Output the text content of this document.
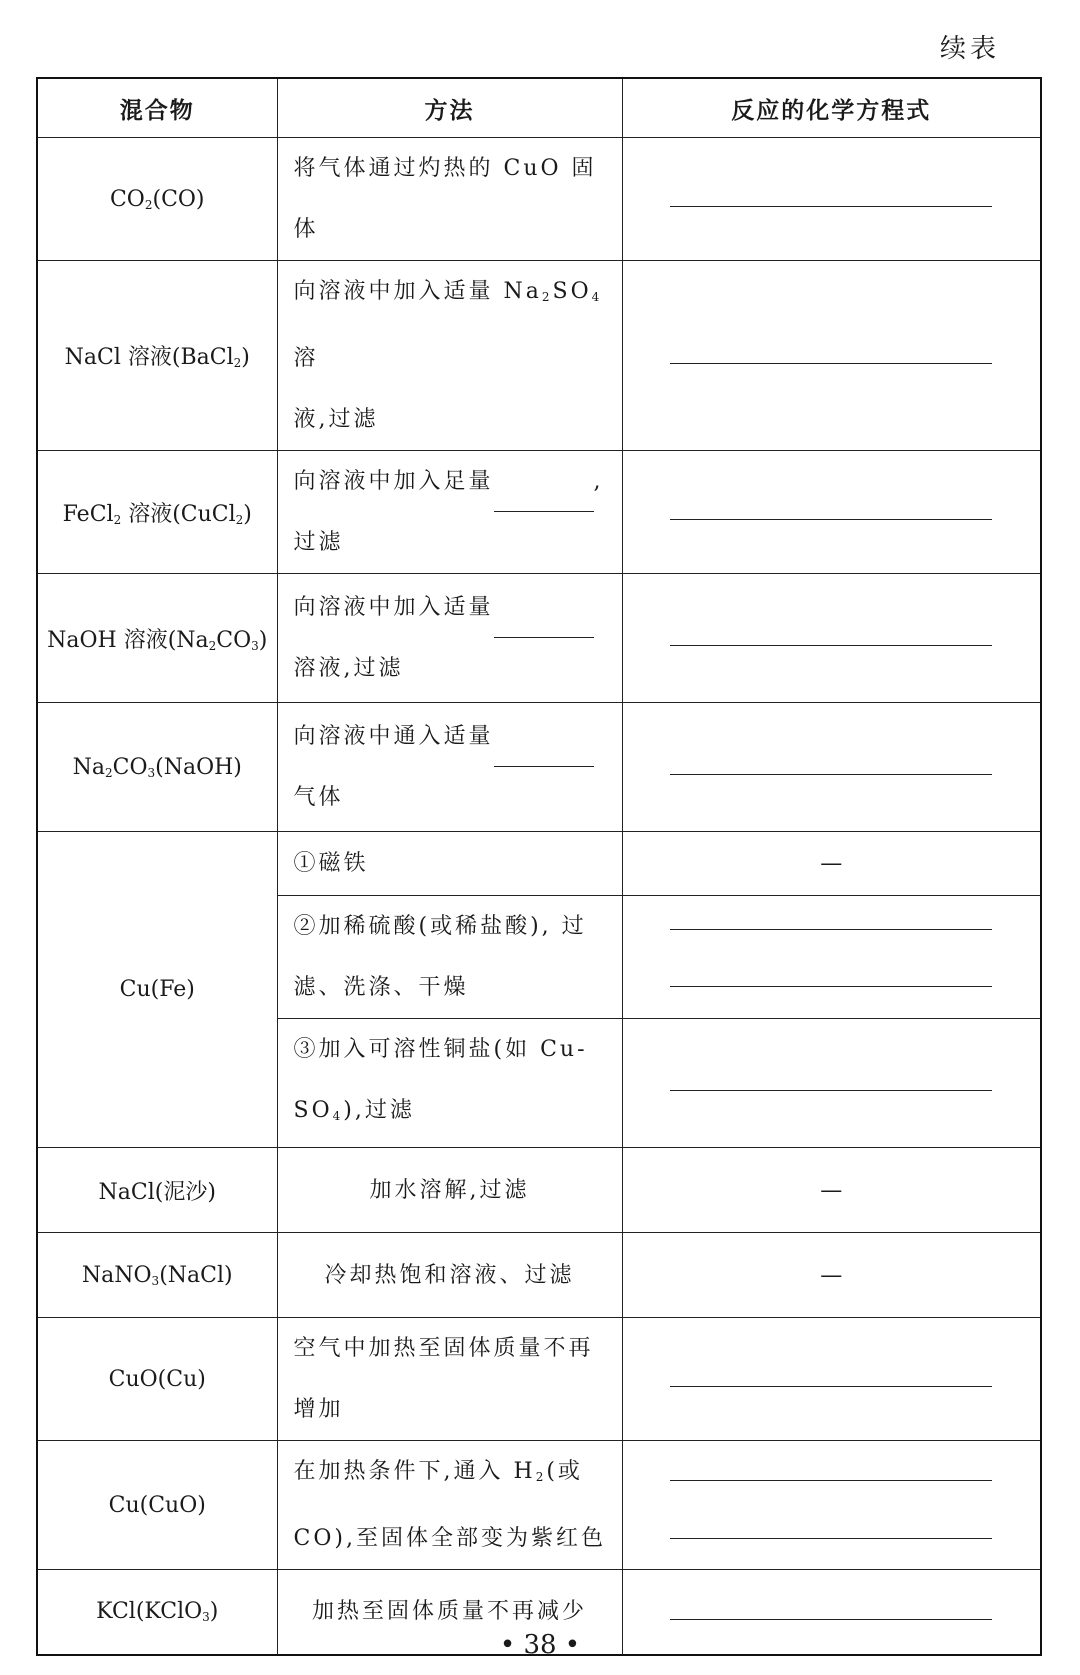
续表
混合物	方法	反应的化学方程式
$CO_2(CO)$	将气体通过灼热的 CuO 固体	

NaCl 溶液(BaCl$_2$)	向溶液中加入适量 $Na_2SO_4$ 溶
液,过滤	

FeCl$_2$ 溶液(CuCl$_2$)	向溶液中加入足量 ,
过滤	

NaOH 溶液$(Na_2CO_3)$	向溶液中加入适量
溶液,过滤	

$Na_2CO_3(NaOH)$	向溶液中通入适量
气体	

Cu(Fe)	①磁铁	—
	②加稀硫酸(或稀盐酸), 过
滤、洗涤、干燥	

	③加入可溶性铜盐(如 Cu-
$SO_4$),过滤	

NaCl(泥沙)	加水溶解,过滤	—
NaNO$_3$(NaCl)	冷却热饱和溶液、过滤	—
CuO(Cu)	空气中加热至固体质量不再
增加	

Cu(CuO)	在加热条件下,通入 $H_2$(或
CO),至固体全部变为紫红色	

KCl(KClO$_3$)	加热至固体质量不再减少	
• 38 •
